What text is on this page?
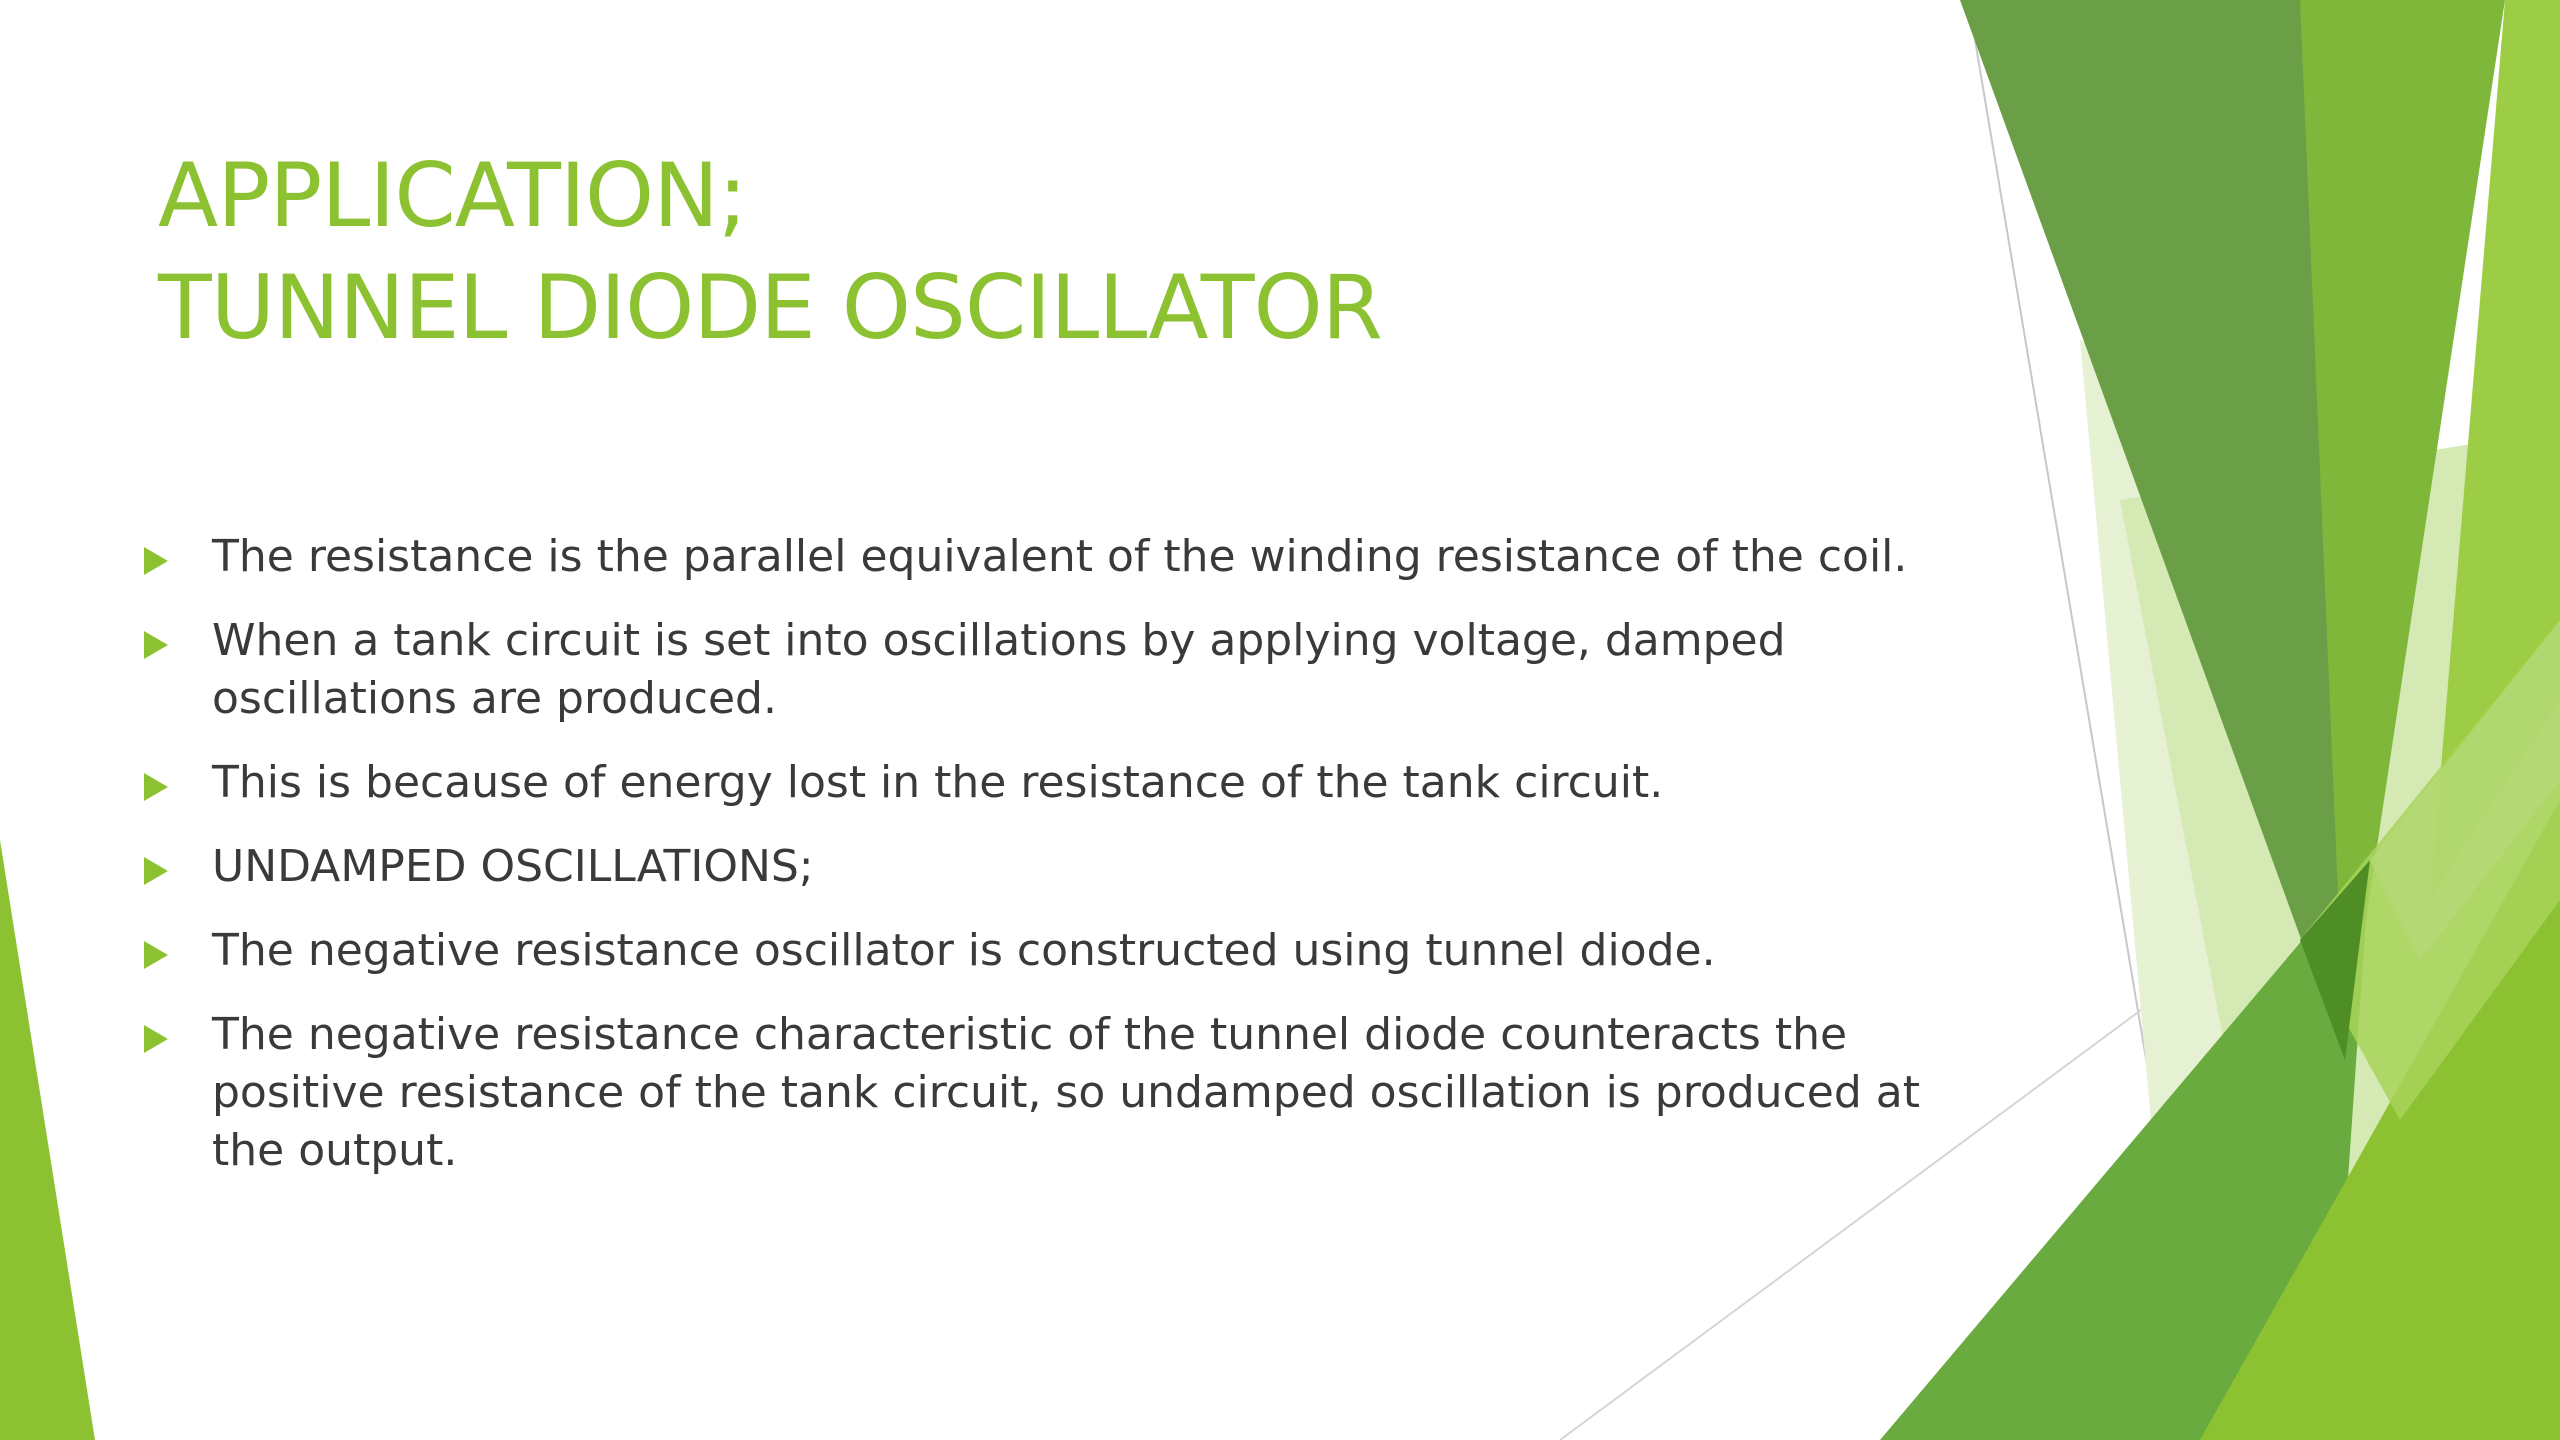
APPLICATION;
TUNNEL DIODE OSCILLATOR
The resistance is the parallel equivalent of the winding resistance of the coil.
When a tank circuit is set into oscillations by applying voltage, damped oscillations are produced.
This is because of energy lost in the resistance of the tank circuit.
UNDAMPED OSCILLATIONS;
The negative resistance oscillator is constructed using tunnel diode.
The negative resistance characteristic of the tunnel diode counteracts the positive resistance of the tank circuit, so undamped oscillation is produced at the output.
